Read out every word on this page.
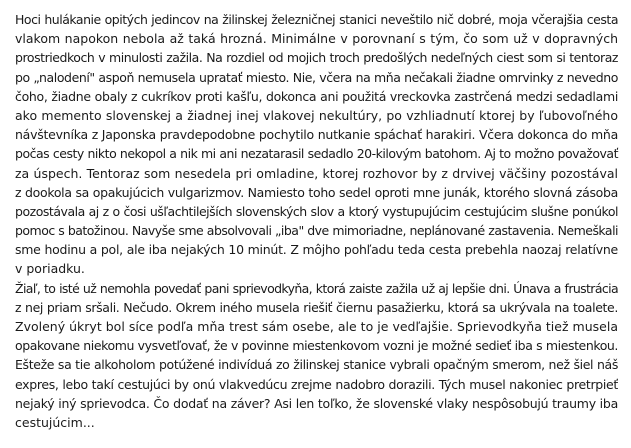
Hoci hulákanie opitých jedincov na žilinskej železničnej stanici neveštilo nič dobré, moja včerajšia cesta
vlakom napokon nebola až taká hrozná. Minimálne v porovnaní s tým, čo som už v dopravných
prostriedkoch v minulosti zažila. Na rozdiel od mojich troch predošlých nedeľných ciest som si tentoraz
po „nalodení" aspoň nemusela upratať miesto. Nie, včera na mňa nečakali žiadne omrvinky z nevedno
čoho, žiadne obaly z cukríkov proti kašľu, dokonca ani použitá vreckovka zastrčená medzi sedadlami
ako memento slovenskej a žiadnej inej vlakovej nekultúry, po vzhliadnutí ktorej by ľubovoľného
návštevníka z Japonska pravdepodobne pochytilo nutkanie spáchať harakiri. Včera dokonca do mňa
počas cesty nikto nekopol a nik mi ani nezatarasil sedadlo 20-kilovým batohom. Aj to možno považovať
za úspech. Tentoraz som nesedela pri omladine, ktorej rozhovor by z drvivej väčšiny pozostával
z dookola sa opakujúcich vulgarizmov. Namiesto toho sedel oproti mne junák, ktorého slovná zásoba
pozostávala aj z o čosi ušľachtilejších slovenských slov a ktorý vystupujúcim cestujúcim slušne ponúkol
pomoc s batožinou. Navyše sme absolvovali „iba" dve mimoriadne, neplánované zastavenia. Nemeškali
sme hodinu a pol, ale iba nejakých 10 minút. Z môjho pohľadu teda cesta prebehla naozaj relatívne
v poriadku.
Žiaľ, to isté už nemohla povedať pani sprievodkyňa, ktorá zaiste zažila už aj lepšie dni. Únava a frustrácia
z nej priam sršali. Nečudo. Okrem iného musela riešiť čiernu pasažierku, ktorá sa ukrývala na toalete.
Zvolený úkryt bol síce podľa mňa trest sám osebe, ale to je vedľajšie. Sprievodkyňa tiež musela
opakovane niekomu vysvetľovať, že v povinne miestenkovom vozni je možné sedieť iba s miestenkou.
Ešteže sa tie alkoholom potúžené indivíduá zo žilinskej stanice vybrali opačným smerom, než šiel náš
expres, lebo takí cestujúci by onú vlakvedúcu zrejme nadobro dorazili. Tých musel nakoniec pretrpieť
nejaký iný sprievodca. Čo dodať na záver? Asi len toľko, že slovenské vlaky nespôsobujú traumy iba
cestujúcim...
